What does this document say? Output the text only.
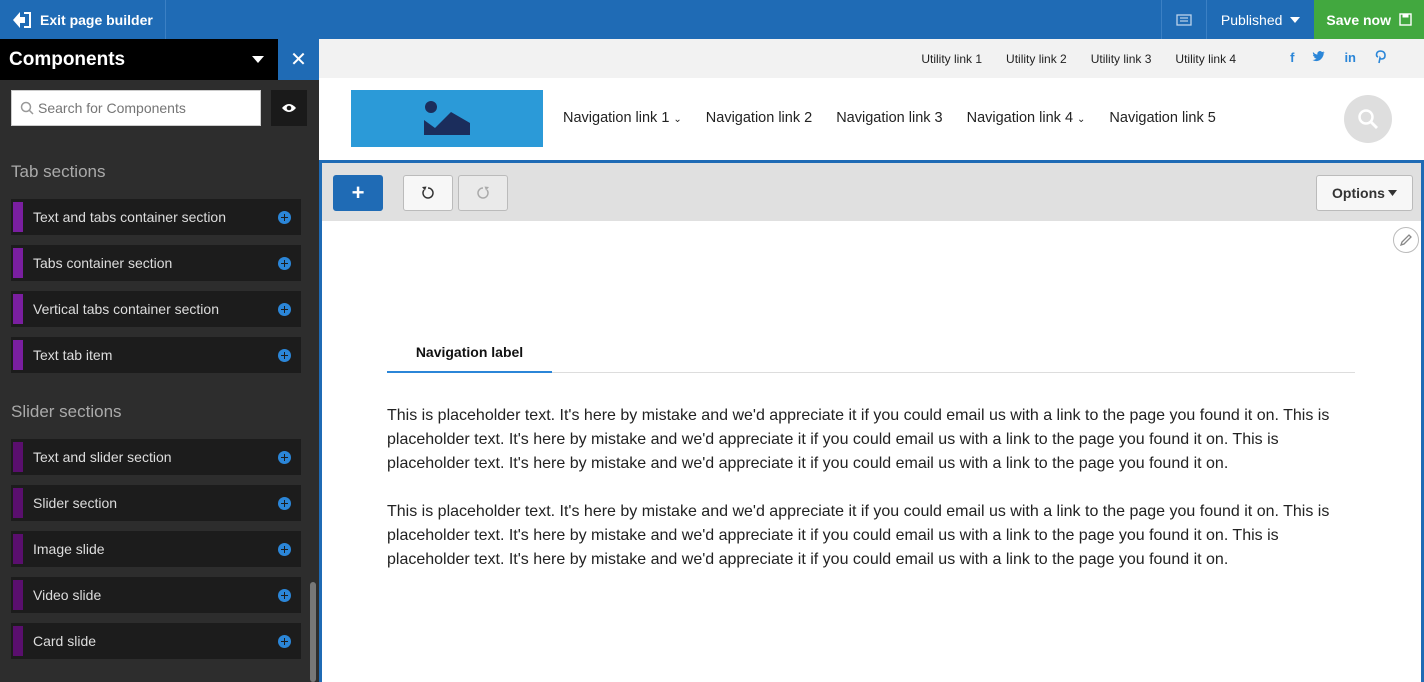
Exit page builder	Published	Save now
Components	✕
Search for Components
Tab sections
Text and tabs container section
Tabs container section
Vertical tabs container section
Text tab item
Slider sections
Text and slider section
Slider section
Image slide
Video slide
Card slide
Utility link 1 Utility link 2 Utility link 3 Utility link 4	f	in
Navigation link 1 ⌄ Navigation link 2 Navigation link 3 Navigation link 4 ⌄ Navigation link 5
+	Options
Navigation label

This is placeholder text. It's here by mistake and we'd appreciate it if you could email us with a link to the page you found it on. This is placeholder text. It's here by mistake and we'd appreciate it if you could email us with a link to the page you found it on. This is placeholder text. It's here by mistake and we'd appreciate it if you could email us with a link to the page you found it on.

This is placeholder text. It's here by mistake and we'd appreciate it if you could email us with a link to the page you found it on. This is placeholder text. It's here by mistake and we'd appreciate it if you could email us with a link to the page you found it on. This is placeholder text. It's here by mistake and we'd appreciate it if you could email us with a link to the page you found it on.
